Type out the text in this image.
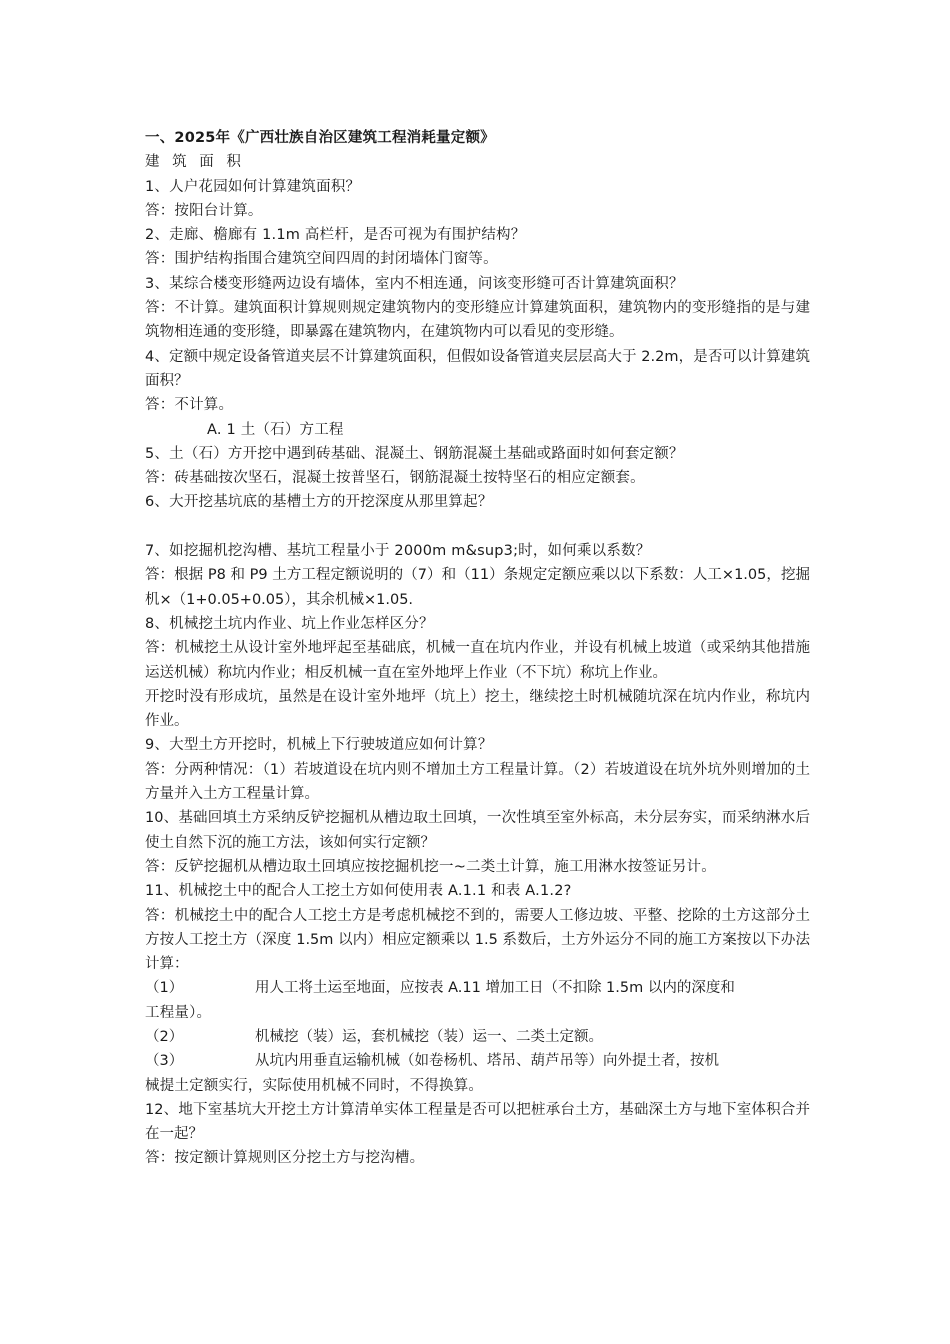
一、2025年《广西壮族自治区建筑工程消耗量定额》
建 筑 面 积
1、人户花园如何计算建筑面积？
答：按阳台计算。
2、走廊、檐廊有 1.1m 高栏杆，是否可视为有围护结构？
答：围护结构指围合建筑空间四周的封闭墙体门窗等。
3、某综合楼变形缝两边设有墙体，室内不相连通，问该变形缝可否计算建筑面积？
答：不计算。建筑面积计算规则规定建筑物内的变形缝应计算建筑面积，建筑物内的变形缝指的是与建筑物相连通的变形缝，即暴露在建筑物内，在建筑物内可以看见的变形缝。
4、定额中规定设备管道夹层不计算建筑面积，但假如设备管道夹层层高大于 2.2m，是否可以计算建筑面积？
答：不计算。
A. 1 土（石）方工程
5、土（石）方开挖中遇到砖基础、混凝土、钢筋混凝土基础或路面时如何套定额？
答：砖基础按次坚石，混凝土按普坚石，钢筋混凝土按特坚石的相应定额套。
6、大开挖基坑底的基槽土方的开挖深度从那里算起？
7、如挖掘机挖沟槽、基坑工程量小于 2000m m&sup3;时，如何乘以系数？
答：根据 P8 和 P9 土方工程定额说明的（7）和（11）条规定定额应乘以以下系数：人工×1.05，挖掘机×（1+0.05+0.05），其余机械×1.05.
8、机械挖土坑内作业、坑上作业怎样区分？
答：机械挖土从设计室外地坪起至基础底，机械一直在坑内作业，并设有机械上坡道（或采纳其他措施运送机械）称坑内作业；相反机械一直在室外地坪上作业（不下坑）称坑上作业。
开挖时没有形成坑，虽然是在设计室外地坪（坑上）挖土，继续挖土时机械随坑深在坑内作业，称坑内作业。
9、大型土方开挖时，机械上下行驶坡道应如何计算？
答：分两种情况：（1）若坡道设在坑内则不增加土方工程量计算。（2）若坡道设在坑外坑外则增加的土方量并入土方工程量计算。
10、基础回填土方采纳反铲挖掘机从槽边取土回填，一次性填至室外标高，未分层夯实，而采纳淋水后使土自然下沉的施工方法，该如何实行定额？
答：反铲挖掘机从槽边取土回填应按挖掘机挖一~二类土计算，施工用淋水按签证另计。
11、机械挖土中的配合人工挖土方如何使用表 A.1.1 和表 A.1.2?
答：机械挖土中的配合人工挖土方是考虑机械挖不到的，需要人工修边坡、平整、挖除的土方这部分土方按人工挖土方（深度 1.5m 以内）相应定额乘以 1.5 系数后，土方外运分不同的施工方案按以下办法计算：
（1）	用人工将土运至地面，应按表 A.11 增加工日（不扣除 1.5m 以内的深度和
工程量）。
（2）	机械挖（装）运，套机械挖（装）运一、二类土定额。
（3）	从坑内用垂直运输机械（如卷杨机、塔吊、葫芦吊等）向外提土者，按机
械提土定额实行，实际使用机械不同时，不得换算。
12、地下室基坑大开挖土方计算清单实体工程量是否可以把桩承台土方，基础深土方与地下室体积合并在一起？
答：按定额计算规则区分挖土方与挖沟槽。
